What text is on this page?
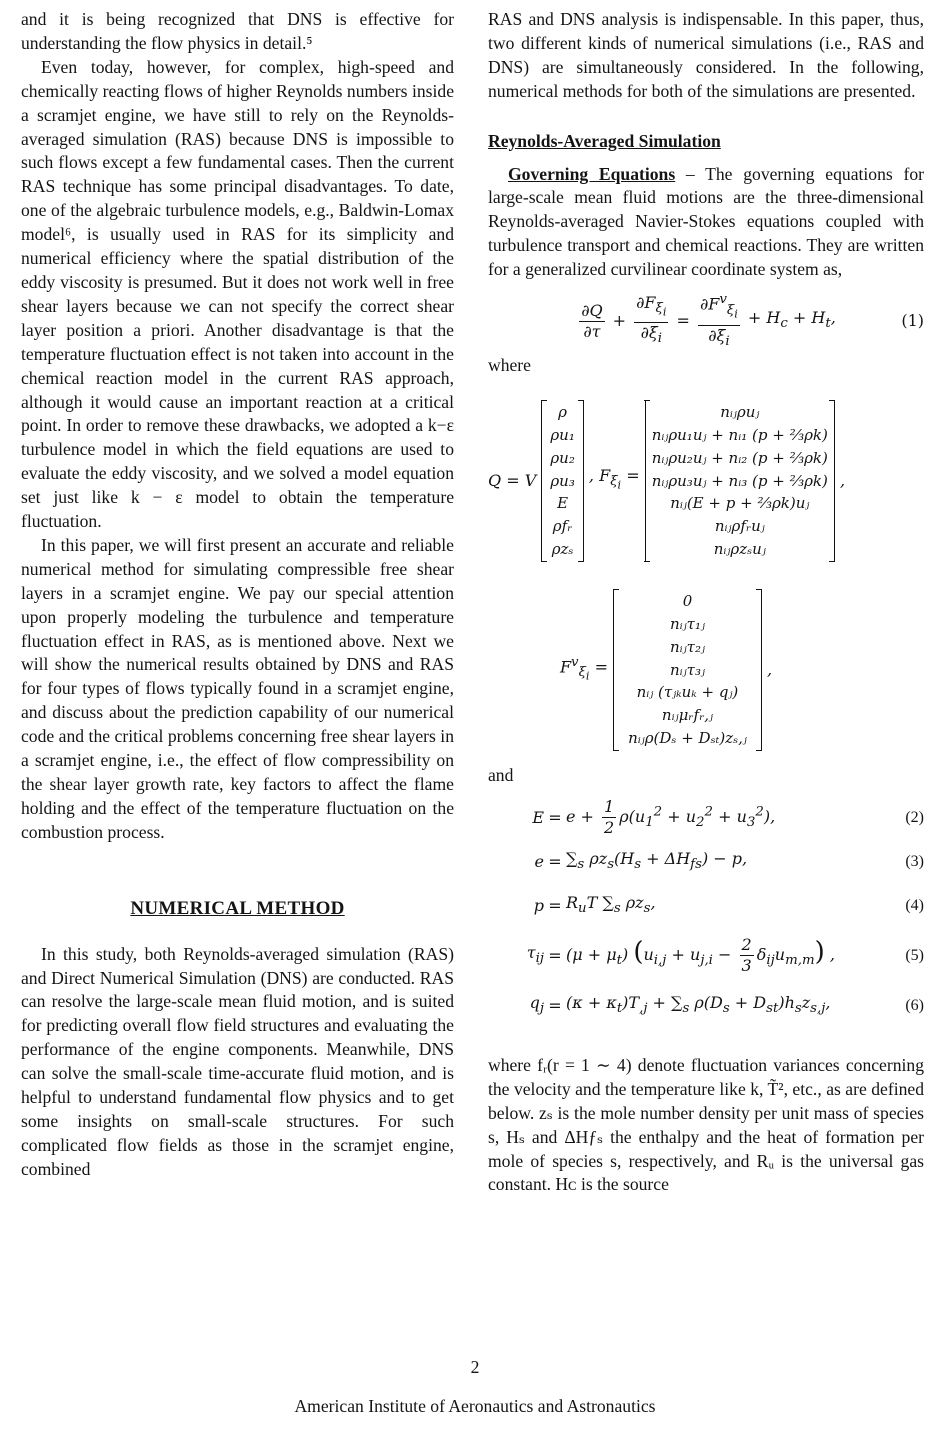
and it is being recognized that DNS is effective for understanding the flow physics in detail.⁵

Even today, however, for complex, high-speed and chemically reacting flows of higher Reynolds numbers inside a scramjet engine, we have still to rely on the Reynolds-averaged simulation (RAS) because DNS is impossible to such flows except a few fundamental cases. Then the current RAS technique has some principal disadvantages. To date, one of the algebraic turbulence models, e.g., Baldwin-Lomax model⁶, is usually used in RAS for its simplicity and numerical efficiency where the spatial distribution of the eddy viscosity is presumed. But it does not work well in free shear layers because we can not specify the correct shear layer position a priori. Another disadvantage is that the temperature fluctuation effect is not taken into account in the chemical reaction model in the current RAS approach, although it would cause an important reaction at a critical point. In order to remove these drawbacks, we adopted a k−ε turbulence model in which the field equations are used to evaluate the eddy viscosity, and we solved a model equation set just like k − ε model to obtain the temperature fluctuation.

In this paper, we will first present an accurate and reliable numerical method for simulating compressible free shear layers in a scramjet engine. We pay our special attention upon properly modeling the turbulence and temperature fluctuation effect in RAS, as is mentioned above. Next we will show the numerical results obtained by DNS and RAS for four types of flows typically found in a scramjet engine, and discuss about the prediction capability of our numerical code and the critical problems concerning free shear layers in a scramjet engine, i.e., the effect of flow compressibility on the shear layer growth rate, key factors to affect the flame holding and the effect of the temperature fluctuation on the combustion process.

NUMERICAL METHOD

In this study, both Reynolds-averaged simulation (RAS) and Direct Numerical Simulation (DNS) are conducted. RAS can resolve the large-scale mean fluid motion, and is suited for predicting overall flow field structures and evaluating the performance of the engine components. Meanwhile, DNS can solve the small-scale time-accurate fluid motion, and is helpful to understand fundamental flow physics and to get some insights on small-scale structures. For such complicated flow fields as those in the scramjet engine, combined

RAS and DNS analysis is indispensable. In this paper, thus, two different kinds of numerical simulations (i.e., RAS and DNS) are simultaneously considered. In the following, numerical methods for both of the simulations are presented.

Reynolds-Averaged Simulation

Governing Equations – The governing equations for large-scale mean fluid motions are the three-dimensional Reynolds-averaged Navier-Stokes equations coupled with turbulence transport and chemical reactions. They are written for a generalized curvilinear coordinate system as,

$\frac{\partial Q}{\partial\tau} + \frac{\partial F_{\xi_i}}{\partial\xi_i} = \frac{\partial F^v_{\xi_i}}{\partial\xi_i} + H_c + H_t$,	(1)

where

Q = V
ρ
ρu₁
ρu₂
ρu₃
E
ρfᵣ
ρzₛ
, $F_{\xi_i}$ =
nᵢⱼρuⱼ
nᵢⱼρu₁uⱼ + nᵢ₁ (p + ⅔ρk)
nᵢⱼρu₂uⱼ + nᵢ₂ (p + ⅔ρk)
nᵢⱼρu₃uⱼ + nᵢ₃ (p + ⅔ρk)
nᵢⱼ(E + p + ⅔ρk)uⱼ
nᵢⱼρfᵣuⱼ
nᵢⱼρzₛuⱼ
,
$F^v_{\xi_i}$ =
0
nᵢⱼτ₁ⱼ
nᵢⱼτ₂ⱼ
nᵢⱼτ₃ⱼ
nᵢⱼ (τⱼₖuₖ + qⱼ)
nᵢⱼμᵣfᵣ,ⱼ
nᵢⱼρ(Dₛ + Dₛₜ)zₛ,ⱼ
,

and

$E = e + \frac{1}{2} \rho(u_1^2 + u_2^2 + u_3^2)$,	(2)
$e = \sum_s$ $\rho z_s(H_s + \Delta H_{fs}) - p$,	(3)
$p = R_uT$ $\sum_s$ $\rho z_s$,	(4)
$\tau_{ij} = (\mu + \mu_t) (u_{i,j} + u_{j,i} - \frac{2}{3} \delta_{ij}u_{m,m})$ ,	(5)
$q_j = (\kappa + \kappa_t)T_{,j} + \sum_s$ $\rho(D_s + D_{st})h_sz_{s,j}$,	(6)

where fᵣ(r = 1 ∼ 4) denote fluctuation variances concerning the velocity and the temperature like k, T̃², etc., as are defined below. zₛ is the mole number density per unit mass of species s, Hₛ and ΔHƒₛ the enthalpy and the heat of formation per mole of species s, respectively, and Rᵤ is the universal gas constant. Hᴄ is the source

2
American Institute of Aeronautics and Astronautics
